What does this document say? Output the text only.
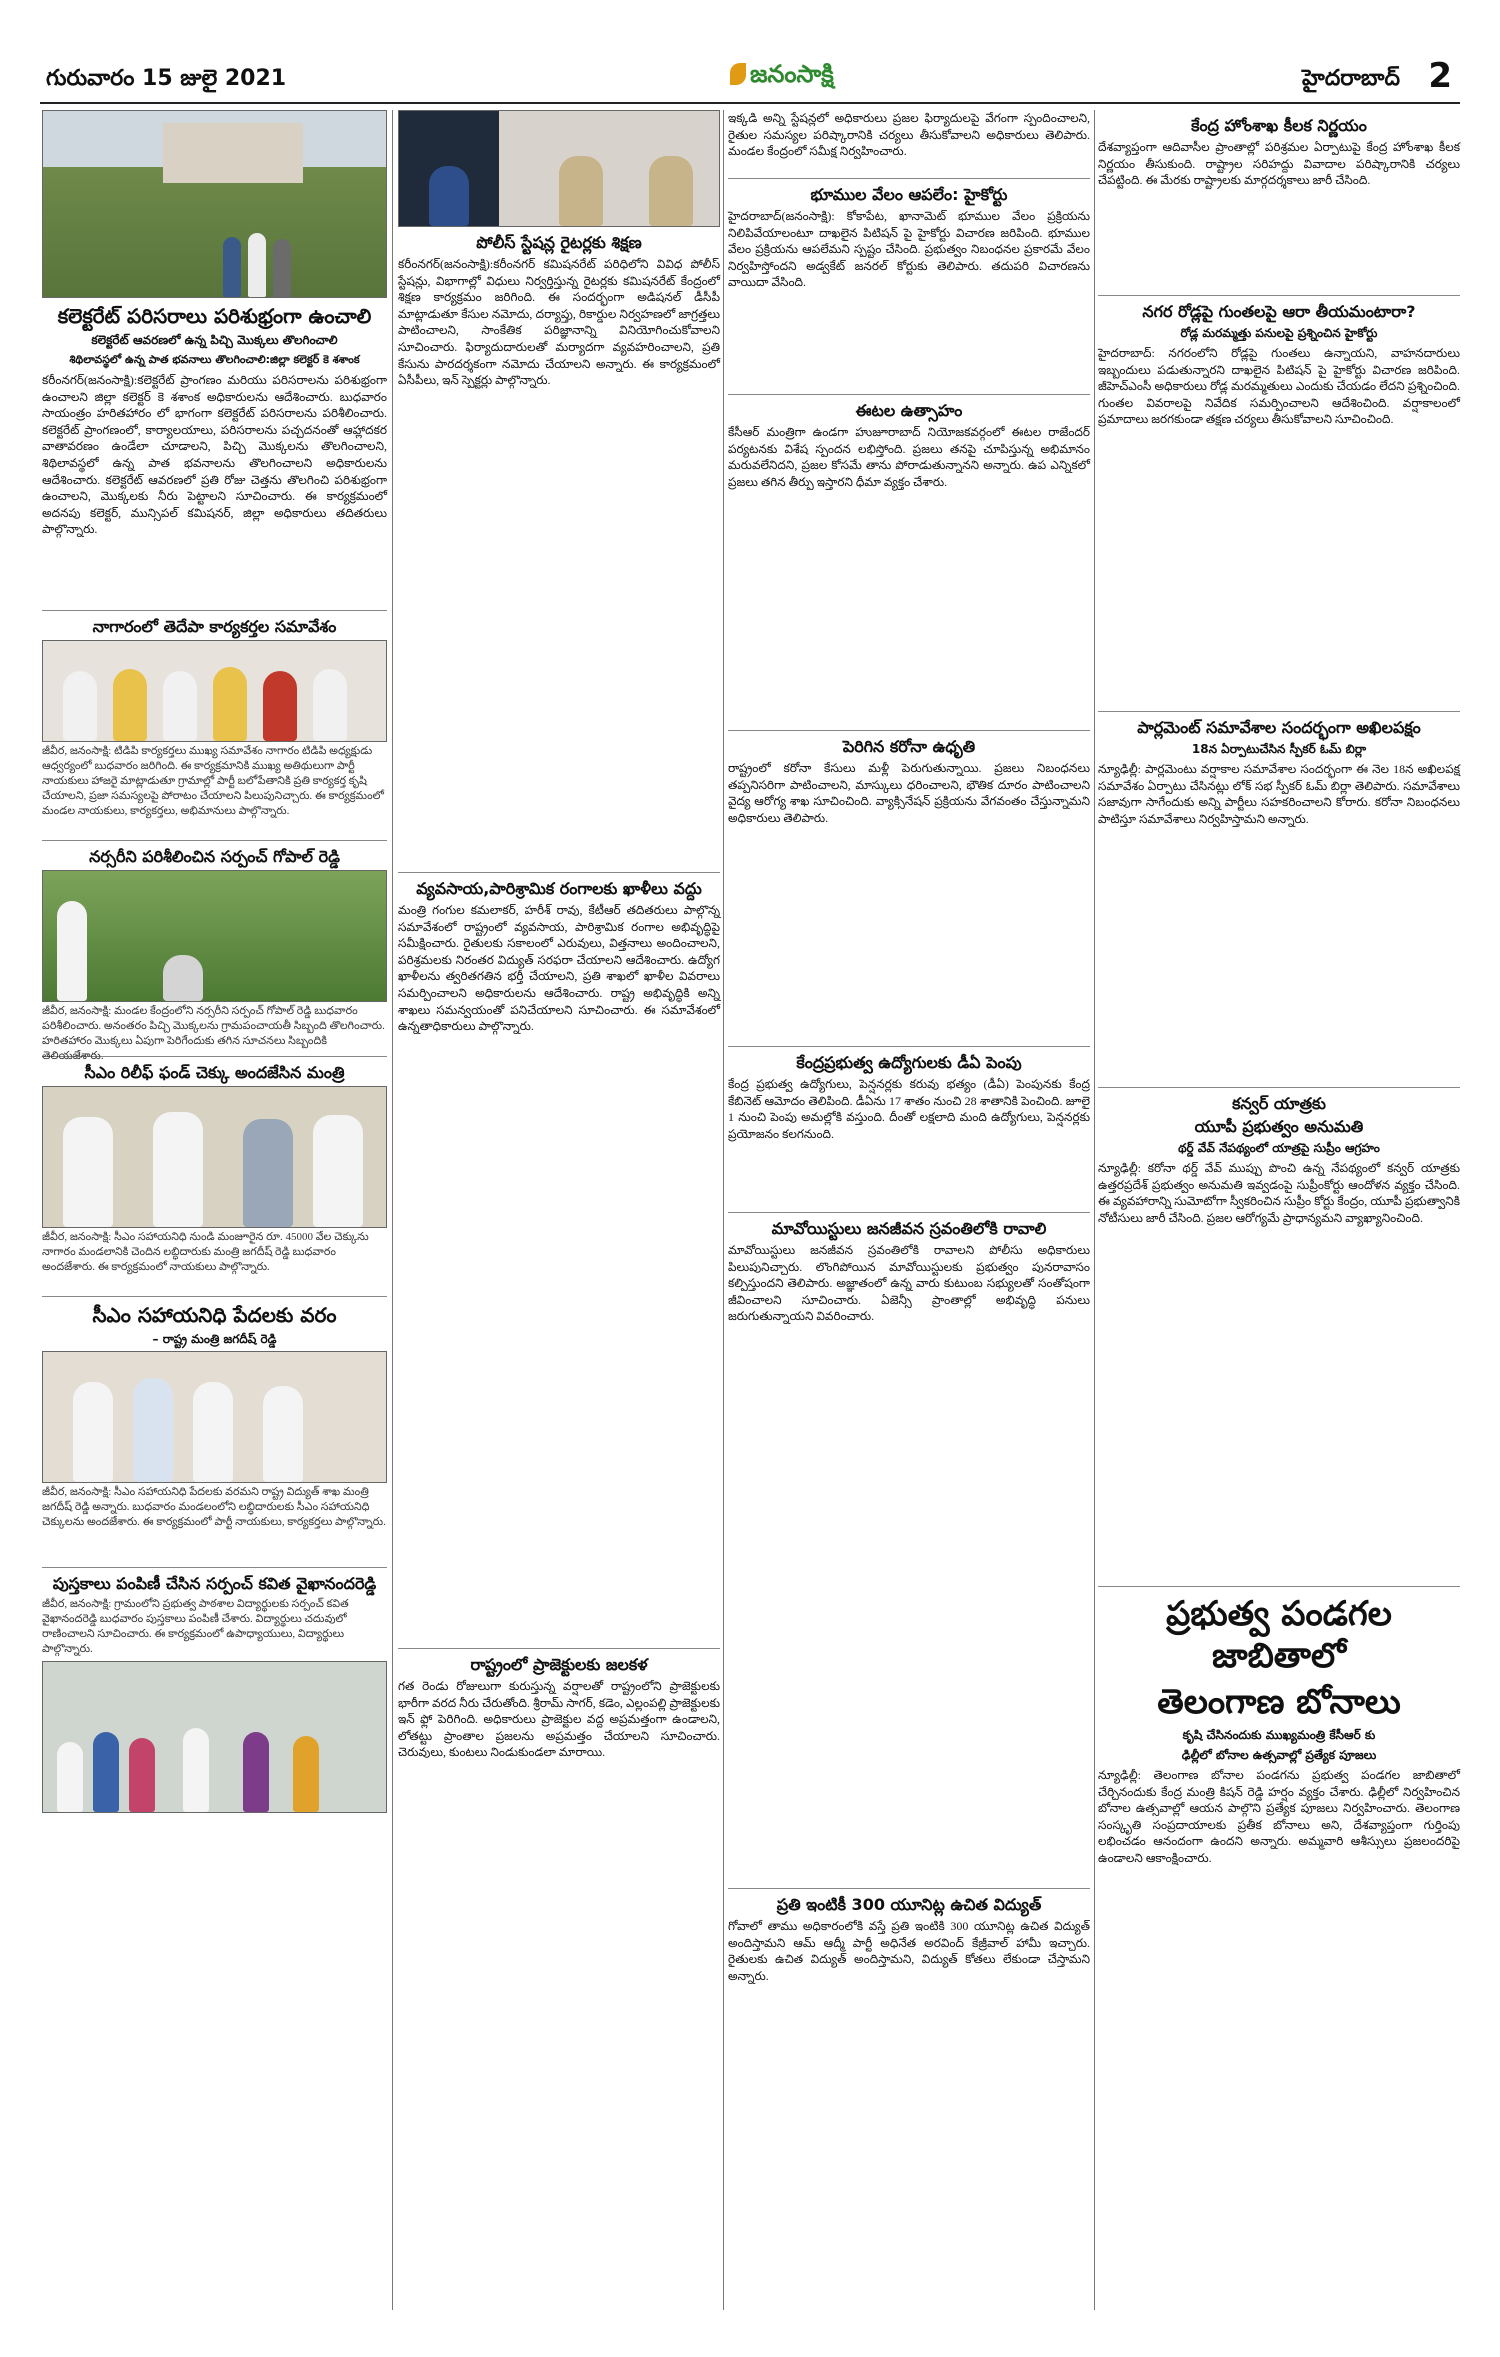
గురువారం 15 జులై 2021	జనంసాక్షి	హైదరాబాద్ 2
కలెక్టరేట్ పరిసరాలు పరిశుభ్రంగా ఉంచాలి
కలెక్టరేట్ ఆవరణలో ఉన్న పిచ్చి మొక్కలు తొలగించాలి
శిథిలావస్థలో ఉన్న పాత భవనాలు తొలగించాలి:జిల్లా కలెక్టర్ కె శశాంక
కరీంనగర్(జనంసాక్షి):కలెక్టరేట్ ప్రాంగణం మరియు పరిసరాలను పరిశుభ్రంగా ఉంచాలని జిల్లా కలెక్టర్ కె శశాంక అధికారులను ఆదేశించారు. బుధవారం సాయంత్రం హరితహారం లో భాగంగా కలెక్టరేట్ పరిసరాలను పరిశీలించారు. కలెక్టరేట్ ప్రాంగణంలో, కార్యాలయాలు, పరిసరాలను పచ్చదనంతో ఆహ్లాదకర వాతావరణం ఉండేలా చూడాలని, పిచ్చి మొక్కలను తొలగించాలని, శిథిలావస్థలో ఉన్న పాత భవనాలను తొలగించాలని అధికారులను ఆదేశించారు. కలెక్టరేట్ ఆవరణలో ప్రతి రోజు చెత్తను తొలగించి పరిశుభ్రంగా ఉంచాలని, మొక్కలకు నీరు పెట్టాలని సూచించారు. ఈ కార్యక్రమంలో అదనపు కలెక్టర్, మున్సిపల్ కమిషనర్, జిల్లా అధికారులు తదితరులు పాల్గొన్నారు.
నాగారంలో తెదేపా కార్యకర్తల సమావేశం
జీవీర, జనంసాక్షి: టిడిపి కార్యకర్తలు ముఖ్య సమావేశం నాగారం టిడిపి అధ్యక్షుడు ఆధ్వర్యంలో బుధవారం జరిగింది. ఈ కార్యక్రమానికి ముఖ్య అతిథులుగా పార్టీ నాయకులు హాజరై మాట్లాడుతూ గ్రామాల్లో పార్టీ బలోపేతానికి ప్రతి కార్యకర్త కృషి చేయాలని, ప్రజా సమస్యలపై పోరాటం చేయాలని పిలుపునిచ్చారు. ఈ కార్యక్రమంలో మండల నాయకులు, కార్యకర్తలు, అభిమానులు పాల్గొన్నారు.
నర్సరీని పరిశీలించిన సర్పంచ్ గోపాల్ రెడ్డి
జీవీర, జనంసాక్షి: మండల కేంద్రంలోని నర్సరీని సర్పంచ్ గోపాల్ రెడ్డి బుధవారం పరిశీలించారు. అనంతరం పిచ్చి మొక్కలను గ్రామపంచాయతీ సిబ్బంది తొలగించారు. హరితహారం మొక్కలు ఏపుగా పెరిగేందుకు తగిన సూచనలు సిబ్బందికి తెలియజేశారు.
సీఎం రిలీఫ్ ఫండ్ చెక్కు అందజేసిన మంత్రి
జీవీర, జనంసాక్షి: సీఎం సహాయనిధి నుండి మంజూరైన రూ. 45000 వేల చెక్కును నాగారం మండలానికి చెందిన లబ్ధిదారుకు మంత్రి జగదీష్ రెడ్డి బుధవారం అందజేశారు. ఈ కార్యక్రమంలో నాయకులు పాల్గొన్నారు.
సీఎం సహాయనిధి పేదలకు వరం
– రాష్ట్ర మంత్రి జగదీష్ రెడ్డి
జీవీర, జనంసాక్షి: సీఎం సహాయనిధి పేదలకు వరమని రాష్ట్ర విద్యుత్ శాఖ మంత్రి జగదీష్ రెడ్డి అన్నారు. బుధవారం మండలంలోని లబ్ధిదారులకు సీఎం సహాయనిధి చెక్కులను అందజేశారు. ఈ కార్యక్రమంలో పార్టీ నాయకులు, కార్యకర్తలు పాల్గొన్నారు.
పుస్తకాలు పంపిణీ చేసిన సర్పంచ్ కవిత వైఖానందరెడ్డి
జీవీర, జనంసాక్షి: గ్రామంలోని ప్రభుత్వ పాఠశాల విద్యార్థులకు సర్పంచ్ కవిత వైఖానందరెడ్డి బుధవారం పుస్తకాలు పంపిణీ చేశారు. విద్యార్థులు చదువులో రాణించాలని సూచించారు. ఈ కార్యక్రమంలో ఉపాధ్యాయులు, విద్యార్థులు పాల్గొన్నారు.
పోలీస్ స్టేషన్ల రైటర్లకు శిక్షణ
కరీంనగర్(జనంసాక్షి):కరీంనగర్ కమిషనరేట్ పరిధిలోని వివిధ పోలీస్ స్టేషన్లు, విభాగాల్లో విధులు నిర్వర్తిస్తున్న రైటర్లకు కమిషనరేట్ కేంద్రంలో శిక్షణ కార్యక్రమం జరిగింది. ఈ సందర్భంగా అడిషనల్ డీసీపీ మాట్లాడుతూ కేసుల నమోదు, దర్యాప్తు, రికార్డుల నిర్వహణలో జాగ్రత్తలు పాటించాలని, సాంకేతిక పరిజ్ఞానాన్ని వినియోగించుకోవాలని సూచించారు. ఫిర్యాదుదారులతో మర్యాదగా వ్యవహరించాలని, ప్రతి కేసును పారదర్శకంగా నమోదు చేయాలని అన్నారు. ఈ కార్యక్రమంలో ఏసీపీలు, ఇన్ స్పెక్టర్లు పాల్గొన్నారు.
వ్యవసాయ,పారిశ్రామిక రంగాలకు ఖాళీలు వద్దు
మంత్రి గంగుల కమలాకర్, హరీశ్ రావు, కేటీఆర్ తదితరులు పాల్గొన్న సమావేశంలో రాష్ట్రంలో వ్యవసాయ, పారిశ్రామిక రంగాల అభివృద్ధిపై సమీక్షించారు. రైతులకు సకాలంలో ఎరువులు, విత్తనాలు అందించాలని, పరిశ్రమలకు నిరంతర విద్యుత్ సరఫరా చేయాలని ఆదేశించారు. ఉద్యోగ ఖాళీలను త్వరితగతిన భర్తీ చేయాలని, ప్రతి శాఖలో ఖాళీల వివరాలు సమర్పించాలని అధికారులను ఆదేశించారు. రాష్ట్ర అభివృద్ధికి అన్ని శాఖలు సమన్వయంతో పనిచేయాలని సూచించారు. ఈ సమావేశంలో ఉన్నతాధికారులు పాల్గొన్నారు.
రాష్ట్రంలో ప్రాజెక్టులకు జలకళ
గత రెండు రోజులుగా కురుస్తున్న వర్షాలతో రాష్ట్రంలోని ప్రాజెక్టులకు భారీగా వరద నీరు చేరుతోంది. శ్రీరామ్ సాగర్, కడెం, ఎల్లంపల్లి ప్రాజెక్టులకు ఇన్ ఫ్లో పెరిగింది. అధికారులు ప్రాజెక్టుల వద్ద అప్రమత్తంగా ఉండాలని, లోతట్టు ప్రాంతాల ప్రజలను అప్రమత్తం చేయాలని సూచించారు. చెరువులు, కుంటలు నిండుకుండలా మారాయి.
ఇక్కడి అన్ని స్టేషన్లలో అధికారులు ప్రజల ఫిర్యాదులపై వేగంగా స్పందించాలని, రైతుల సమస్యల పరిష్కారానికి చర్యలు తీసుకోవాలని అధికారులు తెలిపారు. మండల కేంద్రంలో సమీక్ష నిర్వహించారు.
భూముల వేలం ఆపలేం: హైకోర్టు
హైదరాబాద్(జనంసాక్షి): కోకాపేట, ఖానామెట్ భూముల వేలం ప్రక్రియను నిలిపివేయాలంటూ దాఖలైన పిటిషన్ పై హైకోర్టు విచారణ జరిపింది. భూముల వేలం ప్రక్రియను ఆపలేమని స్పష్టం చేసింది. ప్రభుత్వం నిబంధనల ప్రకారమే వేలం నిర్వహిస్తోందని అడ్వకేట్ జనరల్ కోర్టుకు తెలిపారు. తదుపరి విచారణను వాయిదా వేసింది.
ఈటల ఉత్సాహం
కేసీఆర్ మంత్రిగా ఉండగా హుజూరాబాద్ నియోజకవర్గంలో ఈటల రాజేందర్ పర్యటనకు విశేష స్పందన లభిస్తోంది. ప్రజలు తనపై చూపిస్తున్న అభిమానం మరువలేనిదని, ప్రజల కోసమే తాను పోరాడుతున్నానని అన్నారు. ఉప ఎన్నికలో ప్రజలు తగిన తీర్పు ఇస్తారని ధీమా వ్యక్తం చేశారు.
పెరిగిన కరోనా ఉధృతి
రాష్ట్రంలో కరోనా కేసులు మళ్లీ పెరుగుతున్నాయి. ప్రజలు నిబంధనలు తప్పనిసరిగా పాటించాలని, మాస్కులు ధరించాలని, భౌతిక దూరం పాటించాలని వైద్య ఆరోగ్య శాఖ సూచించింది. వ్యాక్సినేషన్ ప్రక్రియను వేగవంతం చేస్తున్నామని అధికారులు తెలిపారు.
కేంద్రప్రభుత్వ ఉద్యోగులకు డీఏ పెంపు
కేంద్ర ప్రభుత్వ ఉద్యోగులు, పెన్షనర్లకు కరువు భత్యం (డీఏ) పెంపునకు కేంద్ర కేబినెట్ ఆమోదం తెలిపింది. డీఏను 17 శాతం నుంచి 28 శాతానికి పెంచింది. జూలై 1 నుంచి పెంపు అమల్లోకి వస్తుంది. దీంతో లక్షలాది మంది ఉద్యోగులు, పెన్షనర్లకు ప్రయోజనం కలగనుంది.
మావోయిస్టులు జనజీవన స్రవంతిలోకి రావాలి
మావోయిస్టులు జనజీవన స్రవంతిలోకి రావాలని పోలీసు అధికారులు పిలుపునిచ్చారు. లొంగిపోయిన మావోయిస్టులకు ప్రభుత్వం పునరావాసం కల్పిస్తుందని తెలిపారు. అజ్ఞాతంలో ఉన్న వారు కుటుంబ సభ్యులతో సంతోషంగా జీవించాలని సూచించారు. ఏజెన్సీ ప్రాంతాల్లో అభివృద్ధి పనులు జరుగుతున్నాయని వివరించారు.
ప్రతి ఇంటికీ 300 యూనిట్ల ఉచిత విద్యుత్
గోవాలో తాము అధికారంలోకి వస్తే ప్రతి ఇంటికి 300 యూనిట్ల ఉచిత విద్యుత్ అందిస్తామని ఆమ్ ఆద్మీ పార్టీ అధినేత అరవింద్ కేజ్రీవాల్ హామీ ఇచ్చారు. రైతులకు ఉచిత విద్యుత్ అందిస్తామని, విద్యుత్ కోతలు లేకుండా చేస్తామని అన్నారు.
కేంద్ర హోంశాఖ కీలక నిర్ణయం
దేశవ్యాప్తంగా ఆదివాసీల ప్రాంతాల్లో పరిశ్రమల ఏర్పాటుపై కేంద్ర హోంశాఖ కీలక నిర్ణయం తీసుకుంది. రాష్ట్రాల సరిహద్దు వివాదాల పరిష్కారానికి చర్యలు చేపట్టింది. ఈ మేరకు రాష్ట్రాలకు మార్గదర్శకాలు జారీ చేసింది.
నగర రోడ్లపై గుంతలపై ఆరా తీయమంటారా?
రోడ్ల మరమ్మత్తు పనులపై ప్రశ్నించిన హైకోర్టు
హైదరాబాద్: నగరంలోని రోడ్లపై గుంతలు ఉన్నాయని, వాహనదారులు ఇబ్బందులు పడుతున్నారని దాఖలైన పిటిషన్ పై హైకోర్టు విచారణ జరిపింది. జీహెచ్ఎంసీ అధికారులు రోడ్ల మరమ్మతులు ఎందుకు చేయడం లేదని ప్రశ్నించింది. గుంతల వివరాలపై నివేదిక సమర్పించాలని ఆదేశించింది. వర్షాకాలంలో ప్రమాదాలు జరగకుండా తక్షణ చర్యలు తీసుకోవాలని సూచించింది.
పార్లమెంట్ సమావేశాల సందర్భంగా అఖిలపక్షం
18న ఏర్పాటుచేసిన స్పీకర్ ఓమ్ బిర్లా
న్యూఢిల్లీ: పార్లమెంటు వర్షాకాల సమావేశాల సందర్భంగా ఈ నెల 18న అఖిలపక్ష సమావేశం ఏర్పాటు చేసినట్లు లోక్ సభ స్పీకర్ ఓమ్ బిర్లా తెలిపారు. సమావేశాలు సజావుగా సాగేందుకు అన్ని పార్టీలు సహకరించాలని కోరారు. కరోనా నిబంధనలు పాటిస్తూ సమావేశాలు నిర్వహిస్తామని అన్నారు.
కన్వర్ యాత్రకు
యూపీ ప్రభుత్వం అనుమతి
థర్డ్ వేవ్ నేపథ్యంలో యాత్రపై సుప్రీం ఆగ్రహం
న్యూఢిల్లీ: కరోనా థర్డ్ వేవ్ ముప్పు పొంచి ఉన్న నేపథ్యంలో కన్వర్ యాత్రకు ఉత్తరప్రదేశ్ ప్రభుత్వం అనుమతి ఇవ్వడంపై సుప్రీంకోర్టు ఆందోళన వ్యక్తం చేసింది. ఈ వ్యవహారాన్ని సుమోటోగా స్వీకరించిన సుప్రీం కోర్టు కేంద్రం, యూపీ ప్రభుత్వానికి నోటీసులు జారీ చేసింది. ప్రజల ఆరోగ్యమే ప్రాధాన్యమని వ్యాఖ్యానించింది.
ప్రభుత్వ పండగల జాబితాలో
తెలంగాణ బోనాలు
కృషి చేసినందుకు ముఖ్యమంత్రి కేసీఆర్ కు
ఢిల్లీలో బోనాల ఉత్సవాల్లో ప్రత్యేక పూజలు
న్యూఢిల్లీ: తెలంగాణ బోనాల పండగను ప్రభుత్వ పండగల జాబితాలో చేర్చినందుకు కేంద్ర మంత్రి కిషన్ రెడ్డి హర్షం వ్యక్తం చేశారు. ఢిల్లీలో నిర్వహించిన బోనాల ఉత్సవాల్లో ఆయన పాల్గొని ప్రత్యేక పూజలు నిర్వహించారు. తెలంగాణ సంస్కృతి సంప్రదాయాలకు ప్రతీక బోనాలు అని, దేశవ్యాప్తంగా గుర్తింపు లభించడం ఆనందంగా ఉందని అన్నారు. అమ్మవారి ఆశీస్సులు ప్రజలందరిపై ఉండాలని ఆకాంక్షించారు.
